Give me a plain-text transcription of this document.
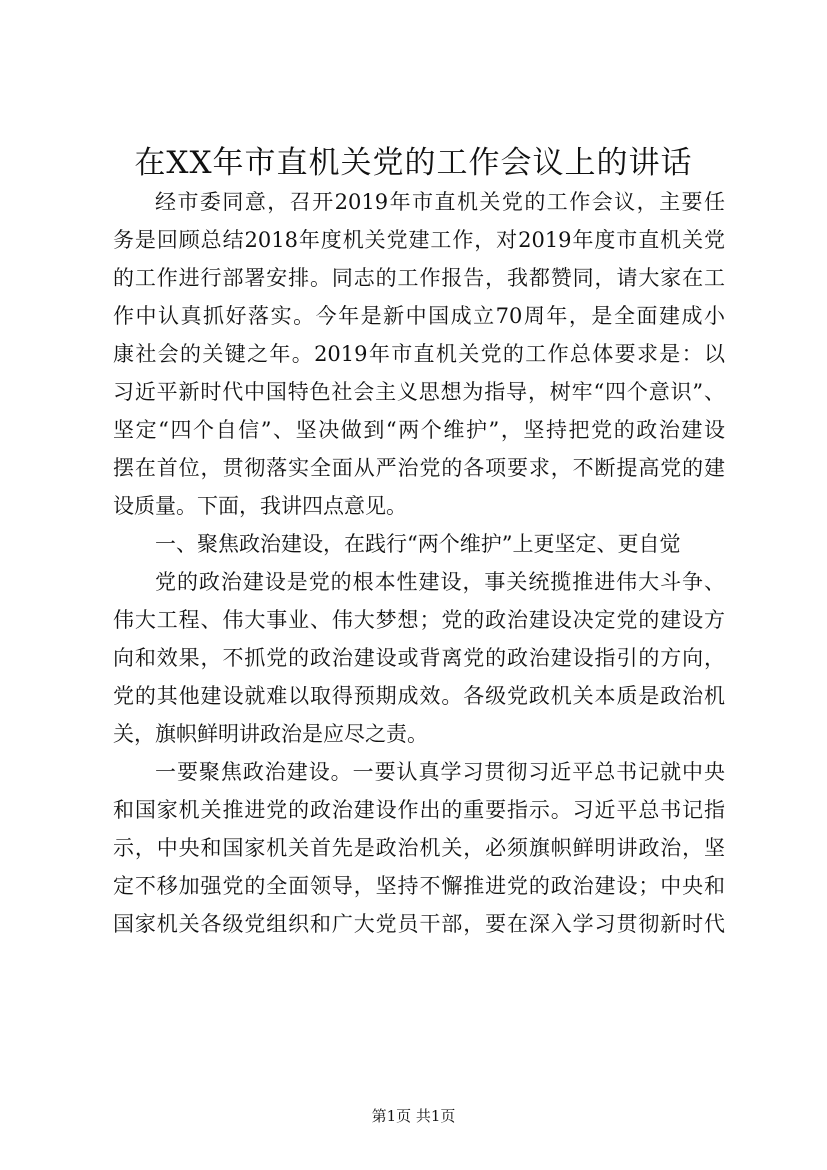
在XX年市直机关党的工作会议上的讲话
经市委同意，召开2019年市直机关党的工作会议，主要任
务是回顾总结2018年度机关党建工作，对2019年度市直机关党
的工作进行部署安排。同志的工作报告，我都赞同，请大家在工
作中认真抓好落实。今年是新中国成立70周年，是全面建成小
康社会的关键之年。2019年市直机关党的工作总体要求是：以
习近平新时代中国特色社会主义思想为指导，树牢“四个意识”、
坚定“四个自信”、坚决做到“两个维护”，坚持把党的政治建设
摆在首位，贯彻落实全面从严治党的各项要求，不断提高党的建
设质量。下面，我讲四点意见。
一、聚焦政治建设，在践行“两个维护”上更坚定、更自觉
党的政治建设是党的根本性建设，事关统揽推进伟大斗争、
伟大工程、伟大事业、伟大梦想；党的政治建设决定党的建设方
向和效果，不抓党的政治建设或背离党的政治建设指引的方向，
党的其他建设就难以取得预期成效。各级党政机关本质是政治机
关，旗帜鲜明讲政治是应尽之责。
一要聚焦政治建设。一要认真学习贯彻习近平总书记就中央
和国家机关推进党的政治建设作出的重要指示。习近平总书记指
示，中央和国家机关首先是政治机关，必须旗帜鲜明讲政治，坚
定不移加强党的全面领导，坚持不懈推进党的政治建设；中央和
国家机关各级党组织和广大党员干部，要在深入学习贯彻新时代
第1页 共1页
